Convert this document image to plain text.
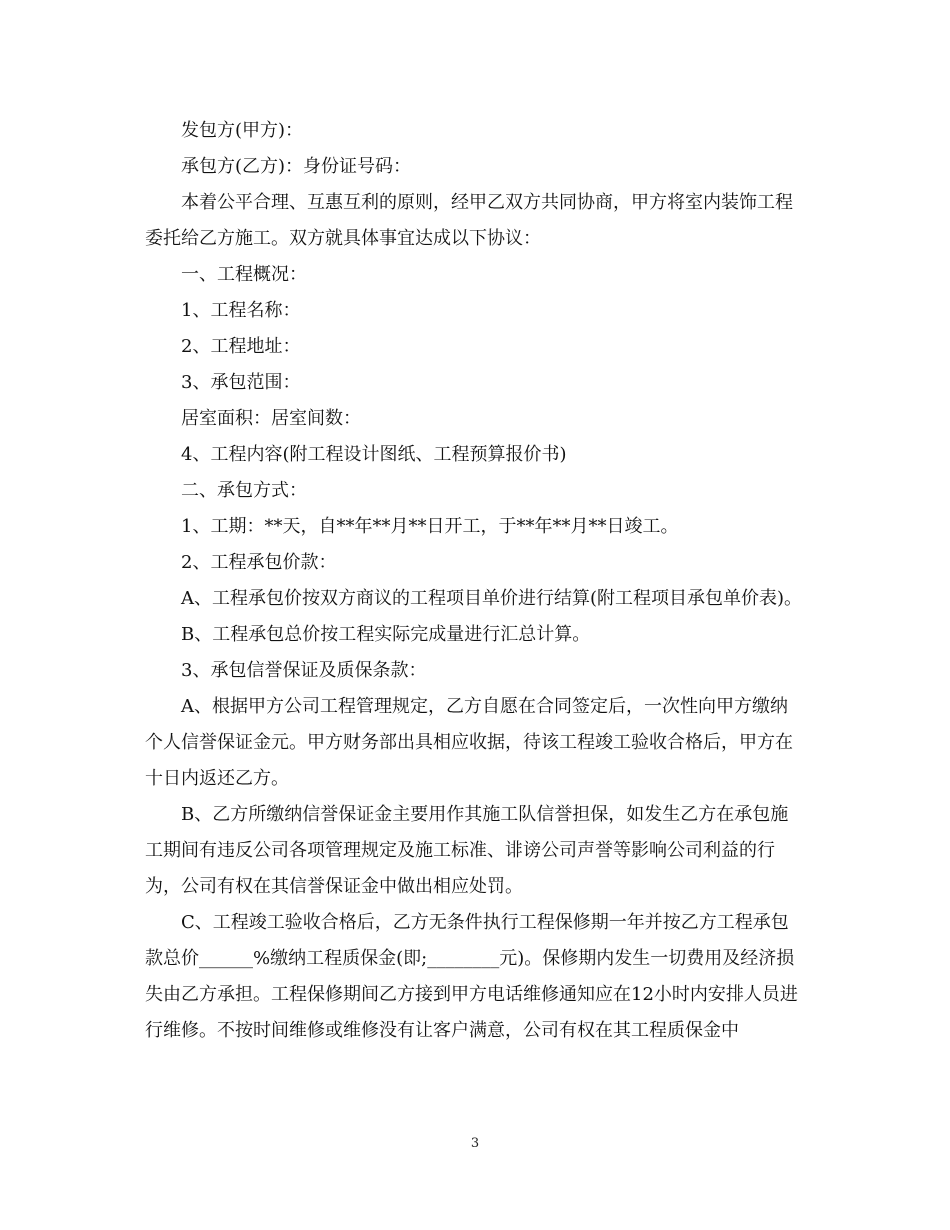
发包方(甲方)：

承包方(乙方)：身份证号码：

本着公平合理、互惠互利的原则，经甲乙双方共同协商，甲方将室内装饰工程委托给乙方施工。双方就具体事宜达成以下协议：

一、工程概况：

1、工程名称：

2、工程地址：

3、承包范围：

居室面积：居室间数：

4、工程内容(附工程设计图纸、工程预算报价书)

二、承包方式：

1、工期：**天，自**年**月**日开工，于**年**月**日竣工。

2、工程承包价款：

A、工程承包价按双方商议的工程项目单价进行结算(附工程项目承包单价表)。

B、工程承包总价按工程实际完成量进行汇总计算。

3、承包信誉保证及质保条款：

A、根据甲方公司工程管理规定，乙方自愿在合同签定后，一次性向甲方缴纳个人信誉保证金元。甲方财务部出具相应收据，待该工程竣工验收合格后，甲方在十日内返还乙方。

B、乙方所缴纳信誉保证金主要用作其施工队信誉担保，如发生乙方在承包施工期间有违反公司各项管理规定及施工标准、诽谤公司声誉等影响公司利益的行为，公司有权在其信誉保证金中做出相应处罚。

C、工程竣工验收合格后，乙方无条件执行工程保修期一年并按乙方工程承包款总价______%缴纳工程质保金(即;________元)。保修期内发生一切费用及经济损失由乙方承担。工程保修期间乙方接到甲方电话维修通知应在12小时内安排人员进行维修。不按时间维修或维修没有让客户满意，公司有权在其工程质保金中

3
